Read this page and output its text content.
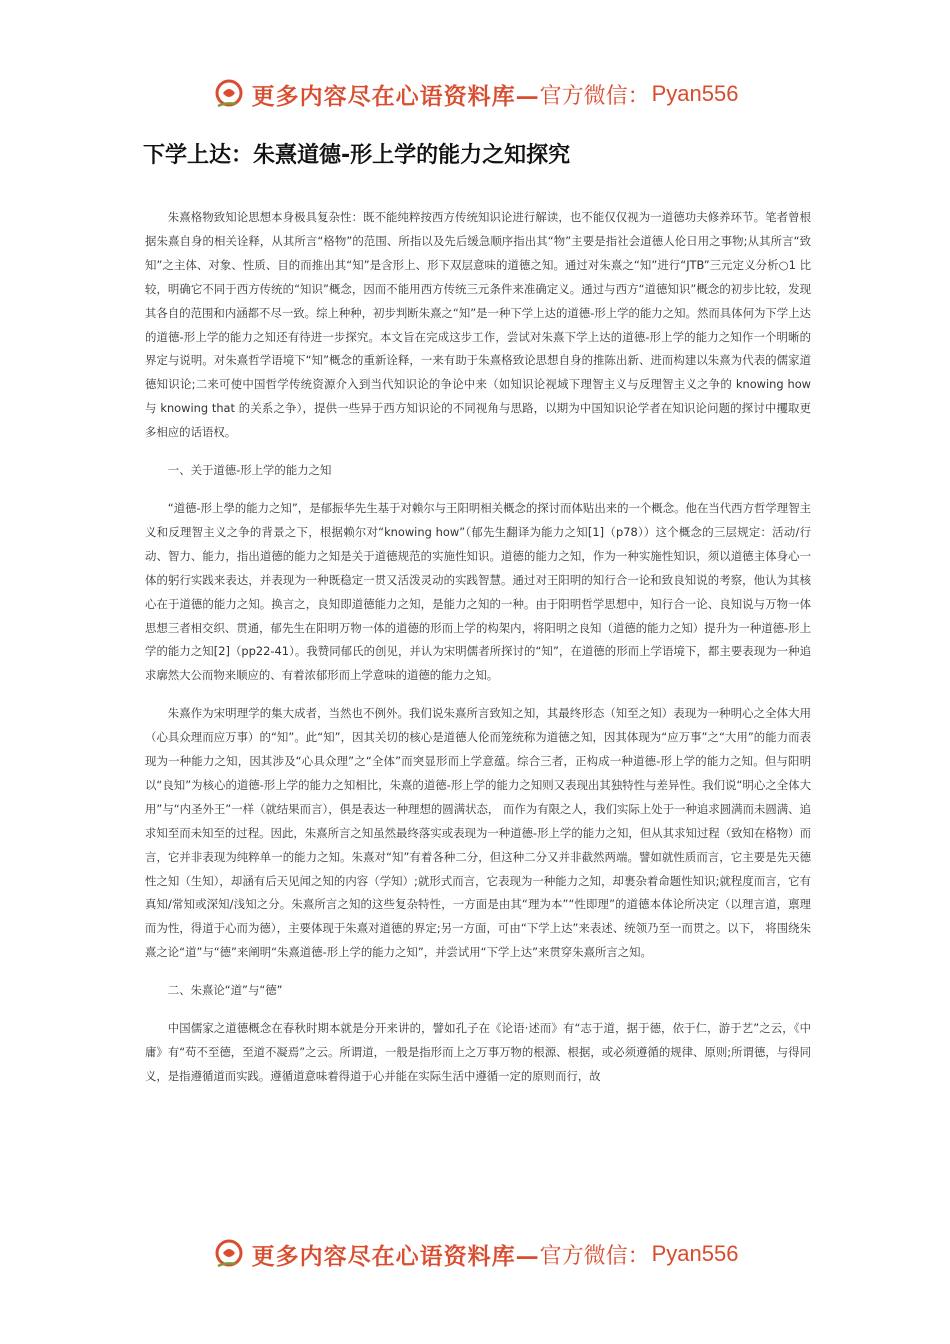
更多内容尽在心语资料库— 官方微信： Pyan556
下学上达：朱熹道德-形上学的能力之知探究

朱熹格物致知论思想本身极具复杂性：既不能纯粹按西方传统知识论进行解读，也不能仅仅视为一道德功夫修养环节。笔者曾根据朱熹自身的相关诠释，从其所言“格物”的范围、所指以及先后缓急顺序指出其“物”主要是指社会道德人伦日用之事物;从其所言“致知”之主体、对象、性质、目的而推出其“知”是含形上、形下双层意味的道德之知。通过对朱熹之“知”进行“JTB”三元定义分析○1 比较，明确它不同于西方传统的“知识”概念，因而不能用西方传统三元条件来准确定义。通过与西方“道德知识”概念的初步比较，发现其各自的范围和内涵都不尽一致。综上种种，初步判断朱熹之“知”是一种下学上达的道德-形上学的能力之知。然而具体何为下学上达的道德-形上学的能力之知还有待进一步探究。本文旨在完成这步工作，尝试对朱熹下学上达的道德-形上学的能力之知作一个明晰的界定与说明。对朱熹哲学语境下“知”概念的重新诠释，一来有助于朱熹格致论思想自身的推陈出新、进而构建以朱熹为代表的儒家道德知识论;二来可使中国哲学传统资源介入到当代知识论的争论中来（如知识论视域下理智主义与反理智主义之争的 knowing how 与 knowing that 的关系之争），提供一些异于西方知识论的不同视角与思路，以期为中国知识论学者在知识论问题的探讨中攫取更多相应的话语权。

一、关于道德-形上学的能力之知

“道德-形上學的能力之知”，是郁振华先生基于对赖尔与王阳明相关概念的探讨而体贴出来的一个概念。他在当代西方哲学理智主义和反理智主义之争的背景之下，根据赖尔对“knowing how”（郁先生翻译为能力之知[1]（p78））这个概念的三层规定：活动/行动、智力、能力，指出道德的能力之知是关于道德规范的实施性知识。道德的能力之知，作为一种实施性知识，须以道德主体身心一体的躬行实践来表达，并表现为一种既稳定一贯又活泼灵动的实践智慧。通过对王阳明的知行合一论和致良知说的考察，他认为其核心在于道德的能力之知。换言之，良知即道德能力之知，是能力之知的一种。由于阳明哲学思想中，知行合一论、良知说与万物一体思想三者相交织、贯通，郁先生在阳明万物一体的道德的形而上学的构架内，将阳明之良知（道德的能力之知）提升为一种道德-形上学的能力之知[2]（pp22-41）。我赞同郁氏的创见，并认为宋明儒者所探讨的“知”，在道德的形而上学语境下，都主要表现为一种追求廓然大公而物来顺应的、有着浓郁形而上学意味的道德的能力之知。

朱熹作为宋明理学的集大成者，当然也不例外。我们说朱熹所言致知之知，其最终形态（知至之知）表现为一种明心之全体大用（心具众理而应万事）的“知”。此“知”，因其关切的核心是道德人伦而笼统称为道德之知，因其体现为“应万事”之“大用”的能力而表现为一种能力之知，因其涉及“心具众理”之“全体”而突显形而上学意蕴。综合三者，正构成一种道德-形上学的能力之知。但与阳明以“良知”为核心的道德-形上学的能力之知相比，朱熹的道德-形上学的能力之知则又表现出其独特性与差异性。我们说“明心之全体大用”与“内圣外王”一样（就结果而言），俱是表达一种理想的圆满状态， 而作为有限之人，我们实际上处于一种追求圆满而未圆满、追求知至而未知至的过程。因此，朱熹所言之知虽然最终落实或表现为一种道德-形上学的能力之知，但从其求知过程（致知在格物）而言，它并非表现为纯粹单一的能力之知。朱熹对“知”有着各种二分，但这种二分又并非截然两端。譬如就性质而言，它主要是先天德性之知（生知），却涵有后天见闻之知的内容（学知）;就形式而言，它表现为一种能力之知，却裹杂着命题性知识;就程度而言，它有真知/常知或深知/浅知之分。朱熹所言之知的这些复杂特性，一方面是由其“理为本”“性即理”的道德本体论所决定（以理言道，禀理而为性，得道于心而为德），主要体现于朱熹对道德的界定;另一方面，可由“下学上达”来表述、统领乃至一而贯之。以下， 将围绕朱熹之论“道”与“德”来阐明“朱熹道德-形上学的能力之知”，并尝试用“下学上达”来贯穿朱熹所言之知。

二、朱熹论“道”与“德”

中国儒家之道德概念在春秋时期本就是分开来讲的，譬如孔子在《论语·述而》有“志于道，据于德，依于仁，游于艺”之云，《中庸》有“苟不至德，至道不凝焉”之云。所谓道，一般是指形而上之万事万物的根源、根据，或必须遵循的规律、原则;所谓德，与得同义，是指遵循道而实践。遵循道意味着得道于心并能在实际生活中遵循一定的原则而行，故

更多内容尽在心语资料库— 官方微信： Pyan556
